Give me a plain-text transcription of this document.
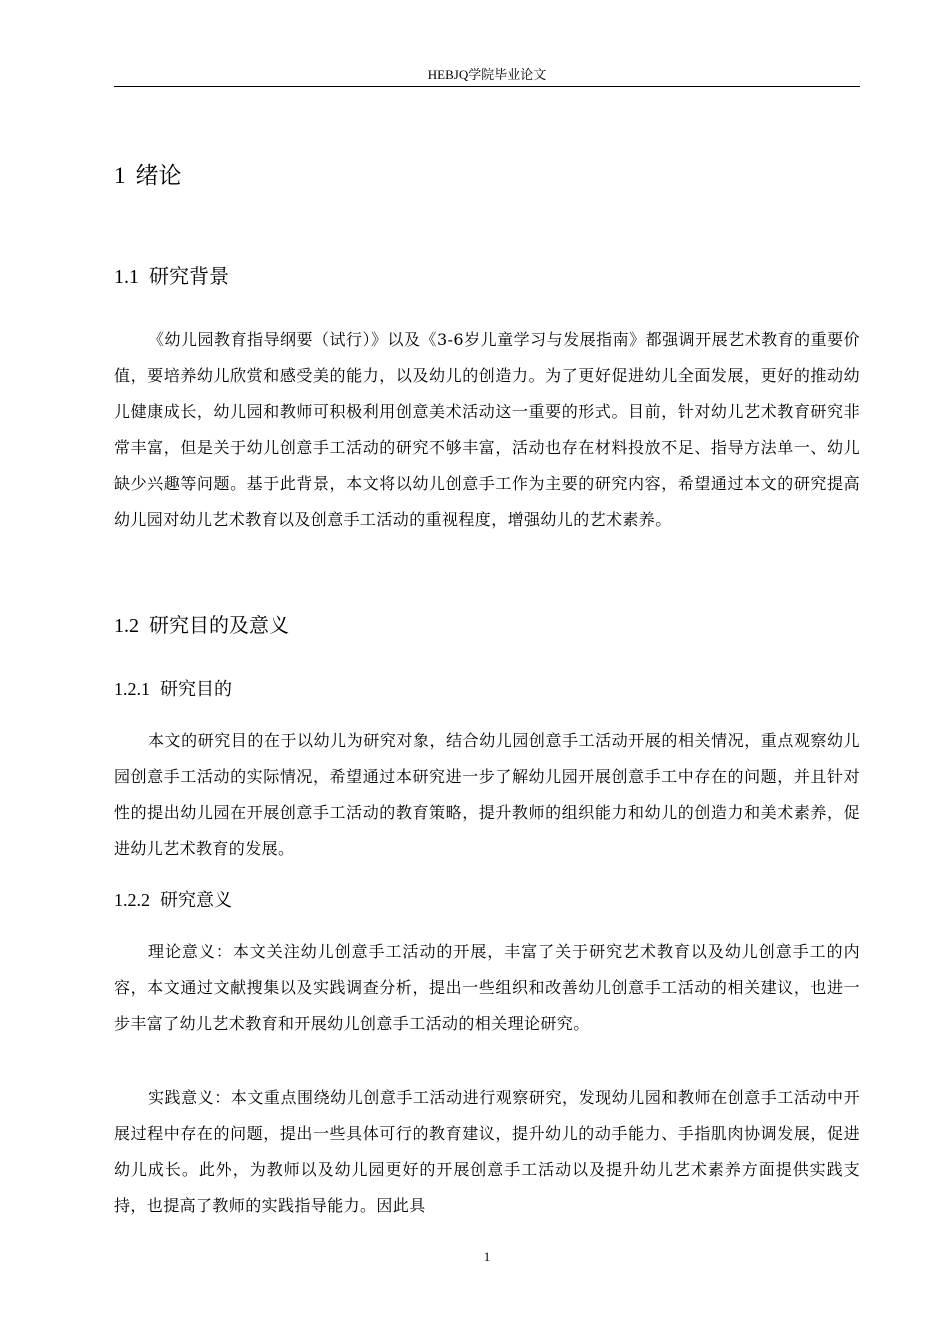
HEBJQ学院毕业论文
1 绪论
1.1 研究背景

《幼儿园教育指导纲要（试行）》以及《3-6岁儿童学习与发展指南》都强调开展艺术教育的重要价值，要培养幼儿欣赏和感受美的能力，以及幼儿的创造力。为了更好促进幼儿全面发展，更好的推动幼儿健康成长，幼儿园和教师可积极利用创意美术活动这一重要的形式。目前，针对幼儿艺术教育研究非常丰富，但是关于幼儿创意手工活动的研究不够丰富，活动也存在材料投放不足、指导方法单一、幼儿缺少兴趣等问题。基于此背景，本文将以幼儿创意手工作为主要的研究内容，希望通过本文的研究提高幼儿园对幼儿艺术教育以及创意手工活动的重视程度，增强幼儿的艺术素养。

1.2 研究目的及意义
1.2.1 研究目的

本文的研究目的在于以幼儿为研究对象，结合幼儿园创意手工活动开展的相关情况，重点观察幼儿园创意手工活动的实际情况，希望通过本研究进一步了解幼儿园开展创意手工中存在的问题，并且针对性的提出幼儿园在开展创意手工活动的教育策略，提升教师的组织能力和幼儿的创造力和美术素养，促进幼儿艺术教育的发展。

1.2.2 研究意义

理论意义：本文关注幼儿创意手工活动的开展，丰富了关于研究艺术教育以及幼儿创意手工的内容，本文通过文献搜集以及实践调查分析，提出一些组织和改善幼儿创意手工活动的相关建议，也进一步丰富了幼儿艺术教育和开展幼儿创意手工活动的相关理论研究。

实践意义：本文重点围绕幼儿创意手工活动进行观察研究，发现幼儿园和教师在创意手工活动中开展过程中存在的问题，提出一些具体可行的教育建议，提升幼儿的动手能力、手指肌肉协调发展，促进幼儿成长。此外，为教师以及幼儿园更好的开展创意手工活动以及提升幼儿艺术素养方面提供实践支持，也提高了教师的实践指导能力。因此具

1
